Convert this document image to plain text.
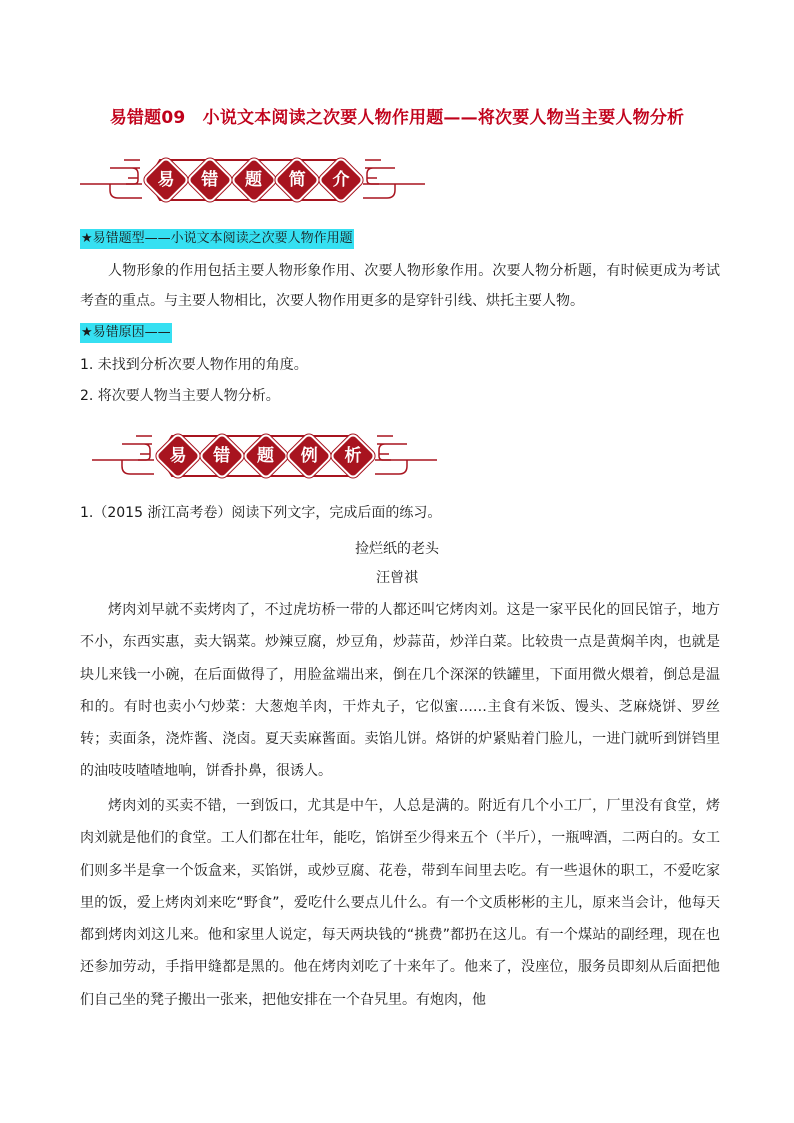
易错题09　小说文本阅读之次要人物作用题——将次要人物当主要人物分析
易	错	题	简	介
★易错题型——小说文本阅读之次要人物作用题

人物形象的作用包括主要人物形象作用、次要人物形象作用。次要人物分析题，有时候更成为考试考查的重点。与主要人物相比，次要人物作用更多的是穿针引线、烘托主要人物。

★易错原因——

1. 未找到分析次要人物作用的角度。

2. 将次要人物当主要人物分析。

易	错	题	例	析

1.（2015 浙江高考卷）阅读下列文字，完成后面的练习。

捡烂纸的老头
汪曾祺

烤肉刘早就不卖烤肉了，不过虎坊桥一带的人都还叫它烤肉刘。这是一家平民化的回民馆子，地方不小，东西实惠，卖大锅菜。炒辣豆腐，炒豆角，炒蒜苗，炒洋白菜。比较贵一点是黄焖羊肉，也就是块儿来钱一小碗，在后面做得了，用脸盆端出来，倒在几个深深的铁罐里，下面用微火煨着，倒总是温和的。有时也卖小勺炒菜：大葱炮羊肉，干炸丸子，它似蜜……主食有米饭、馒头、芝麻烧饼、罗丝转；卖面条，浇炸酱、浇卤。夏天卖麻酱面。卖馅儿饼。烙饼的炉紧贴着门脸儿，一进门就听到饼铛里的油吱吱喳喳地响，饼香扑鼻，很诱人。

烤肉刘的买卖不错，一到饭口，尤其是中午，人总是满的。附近有几个小工厂，厂里没有食堂，烤肉刘就是他们的食堂。工人们都在壮年，能吃，馅饼至少得来五个（半斤），一瓶啤酒，二两白的。女工们则多半是拿一个饭盒来，买馅饼，或炒豆腐、花卷，带到车间里去吃。有一些退休的职工，不爱吃家里的饭，爱上烤肉刘来吃“野食”，爱吃什么要点儿什么。有一个文质彬彬的主儿，原来当会计，他每天都到烤肉刘这儿来。他和家里人说定，每天两块钱的“挑费”都扔在这儿。有一个煤站的副经理，现在也还参加劳动，手指甲缝都是黑的。他在烤肉刘吃了十来年了。他来了，没座位，服务员即刻从后面把他们自己坐的凳子搬出一张来，把他安排在一个旮旯里。有炮肉，他
